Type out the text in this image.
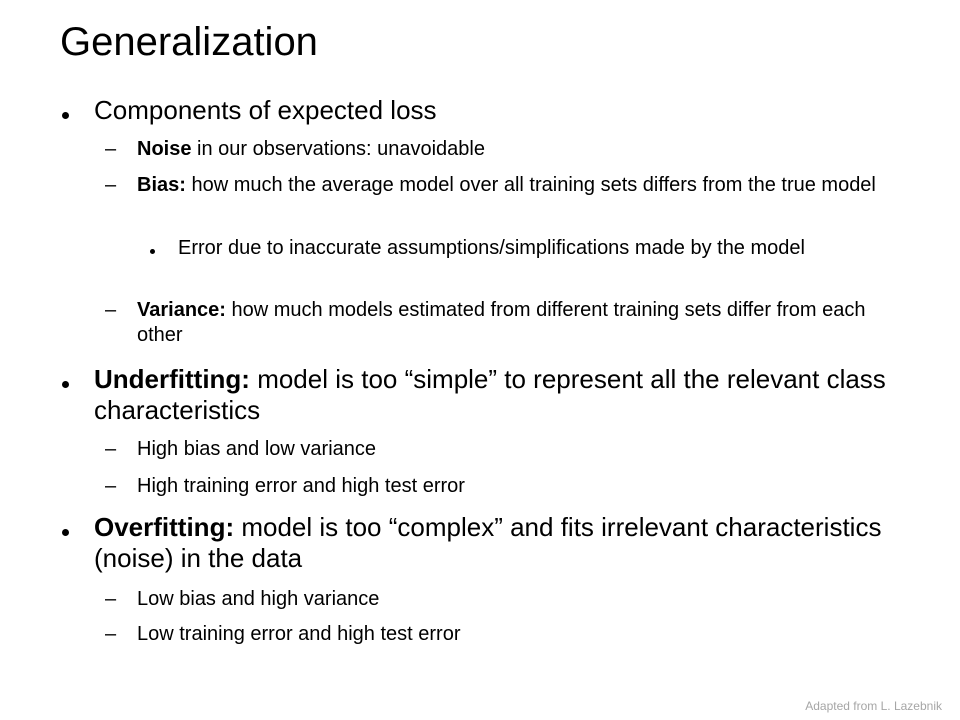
Generalization
Components of expected loss
–	Noise in our observations: unavoidable
–	Bias: how much the average model over all training sets differs from the true model
Error due to inaccurate assumptions/simplifications made by the model
–	Variance: how much models estimated from different training sets differ from each other
Underfitting: model is too “simple” to represent all the relevant class characteristics
–	High bias and low variance
–	High training error and high test error
Overfitting: model is too “complex” and fits irrelevant characteristics (noise) in the data
–	Low bias and high variance
–	Low training error and high test error
Adapted from L. Lazebnik
